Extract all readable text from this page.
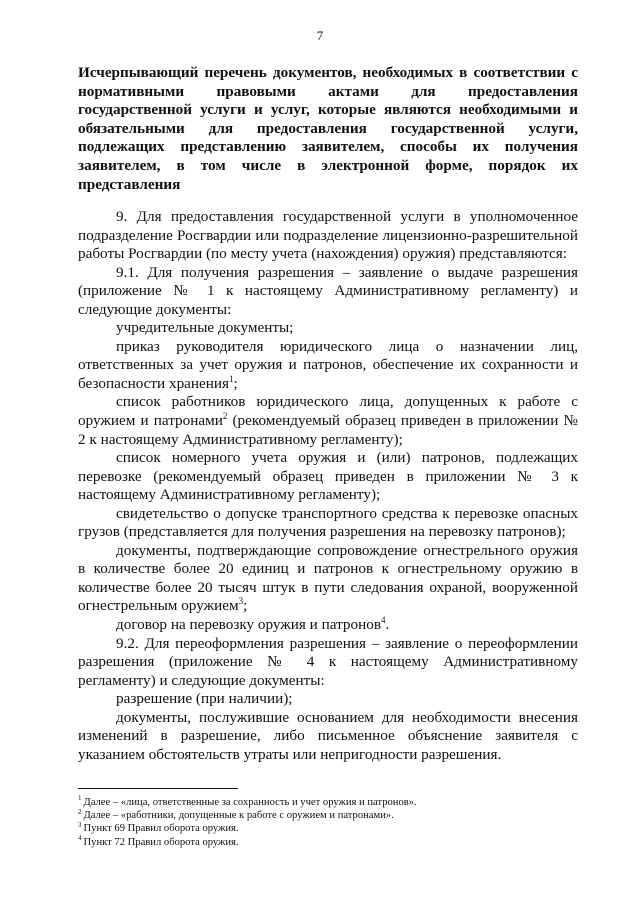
7
Исчерпывающий перечень документов, необходимых в соответствии с нормативными правовыми актами для предоставления государственной услуги и услуг, которые являются необходимыми и обязательными для предоставления государственной услуги, подлежащих представлению заявителем, способы их получения заявителем, в том числе в электронной форме, порядок их представления

9. Для предоставления государственной услуги в уполномоченное подразделение Росгвардии или подразделение лицензионно-разрешительной работы Росгвардии (по месту учета (нахождения) оружия) представляются:

9.1. Для получения разрешения – заявление о выдаче разрешения (приложение № 1 к настоящему Административному регламенту) и следующие документы:

учредительные документы;

приказ руководителя юридического лица о назначении лиц, ответственных за учет оружия и патронов, обеспечение их сохранности и безопасности хранения$^1$;

список работников юридического лица, допущенных к работе с оружием и патронами$^2$ (рекомендуемый образец приведен в приложении № 2 к настоящему Административному регламенту);

список номерного учета оружия и (или) патронов, подлежащих перевозке (рекомендуемый образец приведен в приложении № 3 к настоящему Административному регламенту);

свидетельство о допуске транспортного средства к перевозке опасных грузов (представляется для получения разрешения на перевозку патронов);

документы, подтверждающие сопровождение огнестрельного оружия в количестве более 20 единиц и патронов к огнестрельному оружию в количестве более 20 тысяч штук в пути следования охраной, вооруженной огнестрельным оружием$^3$;

договор на перевозку оружия и патронов$^4$.

9.2. Для переоформления разрешения – заявление о переоформлении разрешения (приложение № 4 к настоящему Административному регламенту) и следующие документы:

разрешение (при наличии);

документы, послужившие основанием для необходимости внесения изменений в разрешение, либо письменное объяснение заявителя с указанием обстоятельств утраты или непригодности разрешения.

$^1$ Далее – «лица, ответственные за сохранность и учет оружия и патронов».
$^2$ Далее – «работники, допущенные к работе с оружием и патронами».
$^3$ Пункт 69 Правил оборота оружия.
$^4$ Пункт 72 Правил оборота оружия.
